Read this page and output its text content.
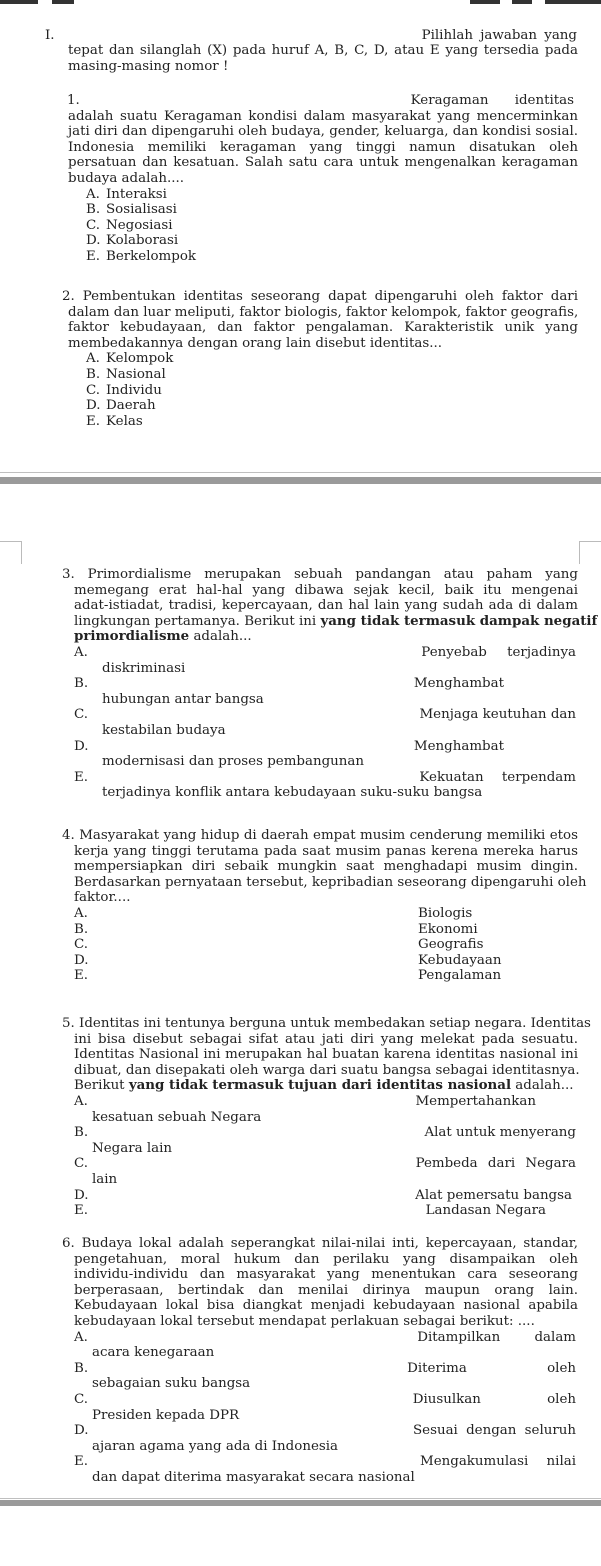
I.	Pilihlah jawaban yang
tepat dan silanglah (X) pada huruf A, B, C, D, atau E yang tersedia pada
masing-masing nomor !
1.	Keragaman identitas
adalah suatu Keragaman kondisi dalam masyarakat yang mencerminkan
jati diri dan dipengaruhi oleh budaya, gender, keluarga, dan kondisi sosial.
Indonesia memiliki keragaman yang tinggi namun disatukan oleh
persatuan dan kesatuan. Salah satu cara untuk mengenalkan keragaman
budaya adalah....
A. Interaksi
B. Sosialisasi
C. Negosiasi
D. Kolaborasi
E. Berkelompok
2. Pembentukan identitas seseorang dapat dipengaruhi oleh faktor dari
dalam dan luar meliputi, faktor biologis, faktor kelompok, faktor geografis,
faktor kebudayaan, dan faktor pengalaman. Karakteristik unik yang
membedakannya dengan orang lain disebut identitas...
A. Kelompok
B. Nasional
C. Individu
D. Daerah
E. Kelas
3. Primordialisme merupakan sebuah pandangan atau paham yang
memegang erat hal-hal yang dibawa sejak kecil, baik itu mengenai
adat-istiadat, tradisi, kepercayaan, dan hal lain yang sudah ada di dalam
lingkungan pertamanya. Berikut ini yang tidak termasuk dampak negatif
primordialisme adalah...
A.	Penyebab terjadinya
diskriminasi
B.	Menghambat
hubungan antar bangsa
C.	Menjaga keutuhan dan
kestabilan budaya
D.	Menghambat
modernisasi dan proses pembangunan
E.	Kekuatan terpendam
terjadinya konflik antara kebudayaan suku-suku bangsa
4. Masyarakat yang hidup di daerah empat musim cenderung memiliki etos
kerja yang tinggi terutama pada saat musim panas kerena mereka harus
mempersiapkan diri sebaik mungkin saat menghadapi musim dingin.
Berdasarkan pernyataan tersebut, kepribadian seseorang dipengaruhi oleh
faktor....
A.	Biologis
B.	Ekonomi
C.	Geografis
D.	Kebudayaan
E.	Pengalaman
5. Identitas ini tentunya berguna untuk membedakan setiap negara. Identitas
ini bisa disebut sebagai sifat atau jati diri yang melekat pada sesuatu.
Identitas Nasional ini merupakan hal buatan karena identitas nasional ini
dibuat, dan disepakati oleh warga dari suatu bangsa sebagai identitasnya.
Berikut yang tidak termasuk tujuan dari identitas nasional adalah...
A.	Mempertahankan
kesatuan sebuah Negara
B.	Alat untuk menyerang
Negara lain
C.	Pembeda dari Negara
lain
D.	Alat pemersatu bangsa
E.	Landasan Negara
6. Budaya lokal adalah seperangkat nilai-nilai inti, kepercayaan, standar,
pengetahuan, moral hukum dan perilaku yang disampaikan oleh
individu-individu dan masyarakat yang menentukan cara seseorang
berperasaan, bertindak dan menilai dirinya maupun orang lain.
Kebudayaan lokal bisa diangkat menjadi kebudayaan nasional apabila
kebudayaan lokal tersebut mendapat perlakuan sebagai berikut: ....
A.	Ditampilkan dalam
acara kenegaraan
B.	Diterima oleh
sebagaian suku bangsa
C.	Diusulkan oleh
Presiden kepada DPR
D.	Sesuai dengan seluruh
ajaran agama yang ada di Indonesia
E.	Mengakumulasi nilai
dan dapat diterima masyarakat secara nasional
